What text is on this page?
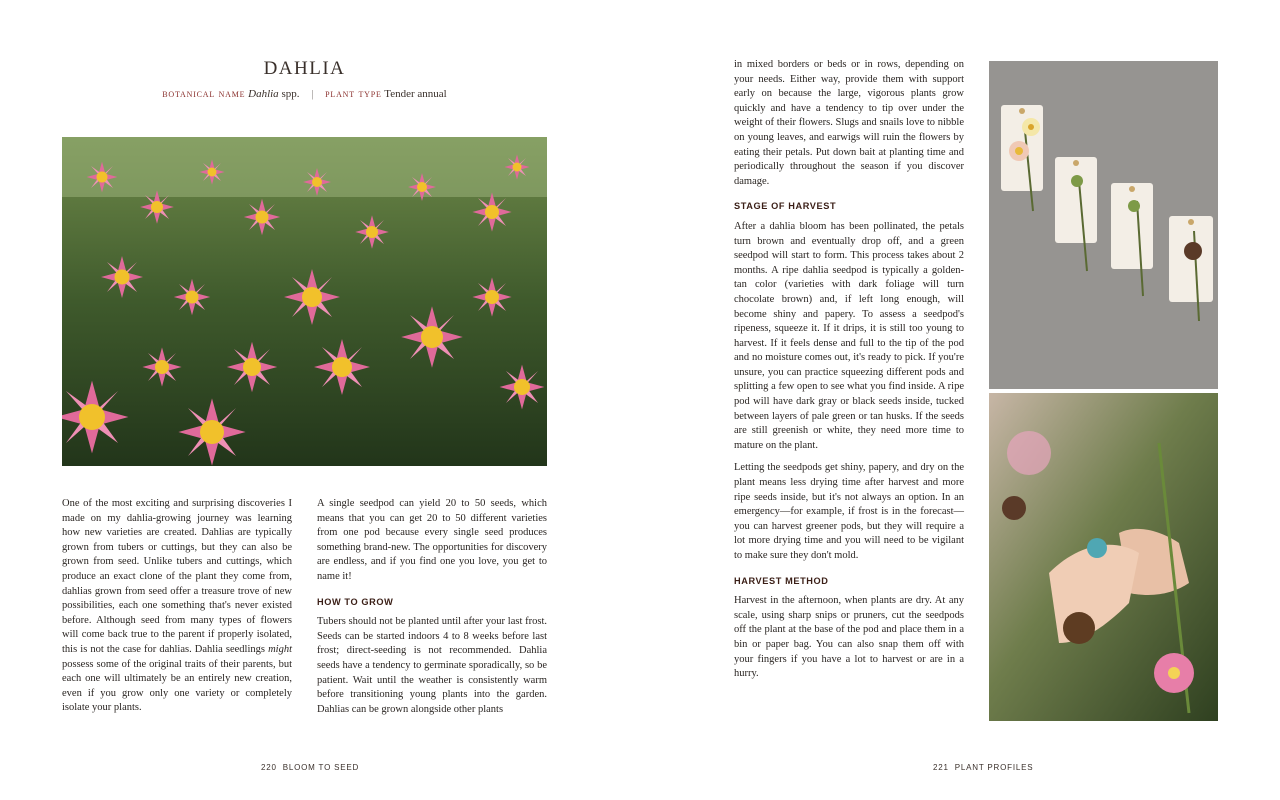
DAHLIA
botanical name Dahlia spp. | plant type Tender annual

One of the most exciting and surprising discoveries I made on my dahlia-growing journey was learning how new varieties are created. Dahlias are typically grown from tubers or cuttings, but they can also be grown from seed. Unlike tubers and cuttings, which produce an exact clone of the plant they come from, dahlias grown from seed offer a treasure trove of new possibilities, each one something that's never existed before. Although seed from many types of flowers will come back true to the parent if properly isolated, this is not the case for dahlias. Dahlia seedlings might possess some of the original traits of their parents, but each one will ultimately be an entirely new creation, even if you grow only one variety or completely isolate your plants.

A single seedpod can yield 20 to 50 seeds, which means that you can get 20 to 50 different varieties from one pod because every single seed produces something brand-new. The opportunities for discovery are endless, and if you find one you love, you get to name it!

HOW TO GROW

Tubers should not be planted until after your last frost. Seeds can be started indoors 4 to 8 weeks before last frost; direct-seeding is not recommended. Dahlia seeds have a tendency to germinate sporadically, so be patient. Wait until the weather is consistently warm before transitioning young plants into the garden. Dahlias can be grown alongside other plants

220 BLOOM TO SEED

in mixed borders or beds or in rows, depending on your needs. Either way, provide them with support early on because the large, vigorous plants grow quickly and have a tendency to tip over under the weight of their flowers. Slugs and snails love to nibble on young leaves, and earwigs will ruin the flowers by eating their petals. Put down bait at planting time and periodically throughout the season if you discover damage.

STAGE OF HARVEST

After a dahlia bloom has been pollinated, the petals turn brown and eventually drop off, and a green seedpod will start to form. This process takes about 2 months. A ripe dahlia seedpod is typically a golden-tan color (varieties with dark foliage will turn chocolate brown) and, if left long enough, will become shiny and papery. To assess a seedpod's ripeness, squeeze it. If it drips, it is still too young to harvest. If it feels dense and full to the tip of the pod and no moisture comes out, it's ready to pick. If you're unsure, you can practice squeezing different pods and splitting a few open to see what you find inside. A ripe pod will have dark gray or black seeds inside, tucked between layers of pale green or tan husks. If the seeds are still greenish or white, they need more time to mature on the plant.

Letting the seedpods get shiny, papery, and dry on the plant means less drying time after harvest and more ripe seeds inside, but it's not always an option. In an emergency—for example, if frost is in the forecast—you can harvest greener pods, but they will require a lot more drying time and you will need to be vigilant to make sure they don't mold.

HARVEST METHOD

Harvest in the afternoon, when plants are dry. At any scale, using sharp snips or pruners, cut the seedpods off the plant at the base of the pod and place them in a bin or paper bag. You can also snap them off with your fingers if you have a lot to harvest or are in a hurry.

221 PLANT PROFILES
